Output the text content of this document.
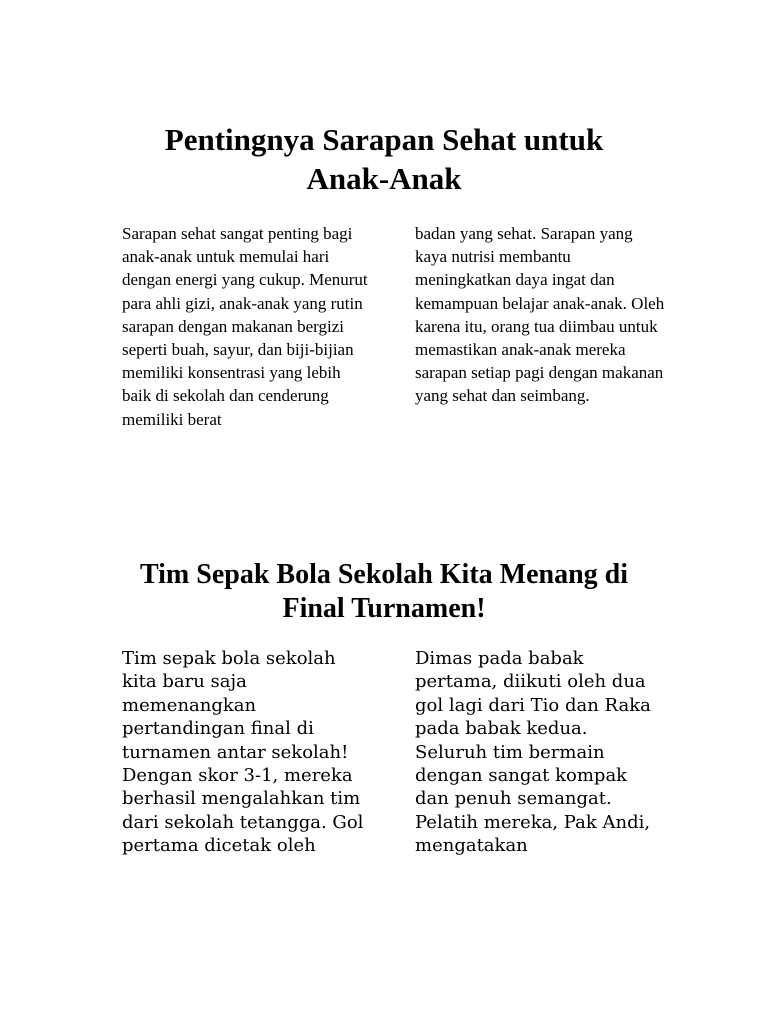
Pentingnya Sarapan Sehat untuk Anak-Anak

Sarapan sehat sangat penting bagi anak-anak untuk memulai hari dengan energi yang cukup. Menurut para ahli gizi, anak-anak yang rutin sarapan dengan makanan bergizi seperti buah, sayur, dan biji-bijian memiliki konsentrasi yang lebih baik di sekolah dan cenderung memiliki berat

badan yang sehat. Sarapan yang kaya nutrisi membantu meningkatkan daya ingat dan kemampuan belajar anak-anak. Oleh karena itu, orang tua diimbau untuk memastikan anak-anak mereka sarapan setiap pagi dengan makanan yang sehat dan seimbang.

Tim Sepak Bola Sekolah Kita Menang di Final Turnamen!

Tim sepak bola sekolah kita baru saja memenangkan pertandingan final di turnamen antar sekolah! Dengan skor 3-1, mereka berhasil mengalahkan tim dari sekolah tetangga. Gol pertama dicetak oleh

Dimas pada babak pertama, diikuti oleh dua gol lagi dari Tio dan Raka pada babak kedua. Seluruh tim bermain dengan sangat kompak dan penuh semangat. Pelatih mereka, Pak Andi, mengatakan
